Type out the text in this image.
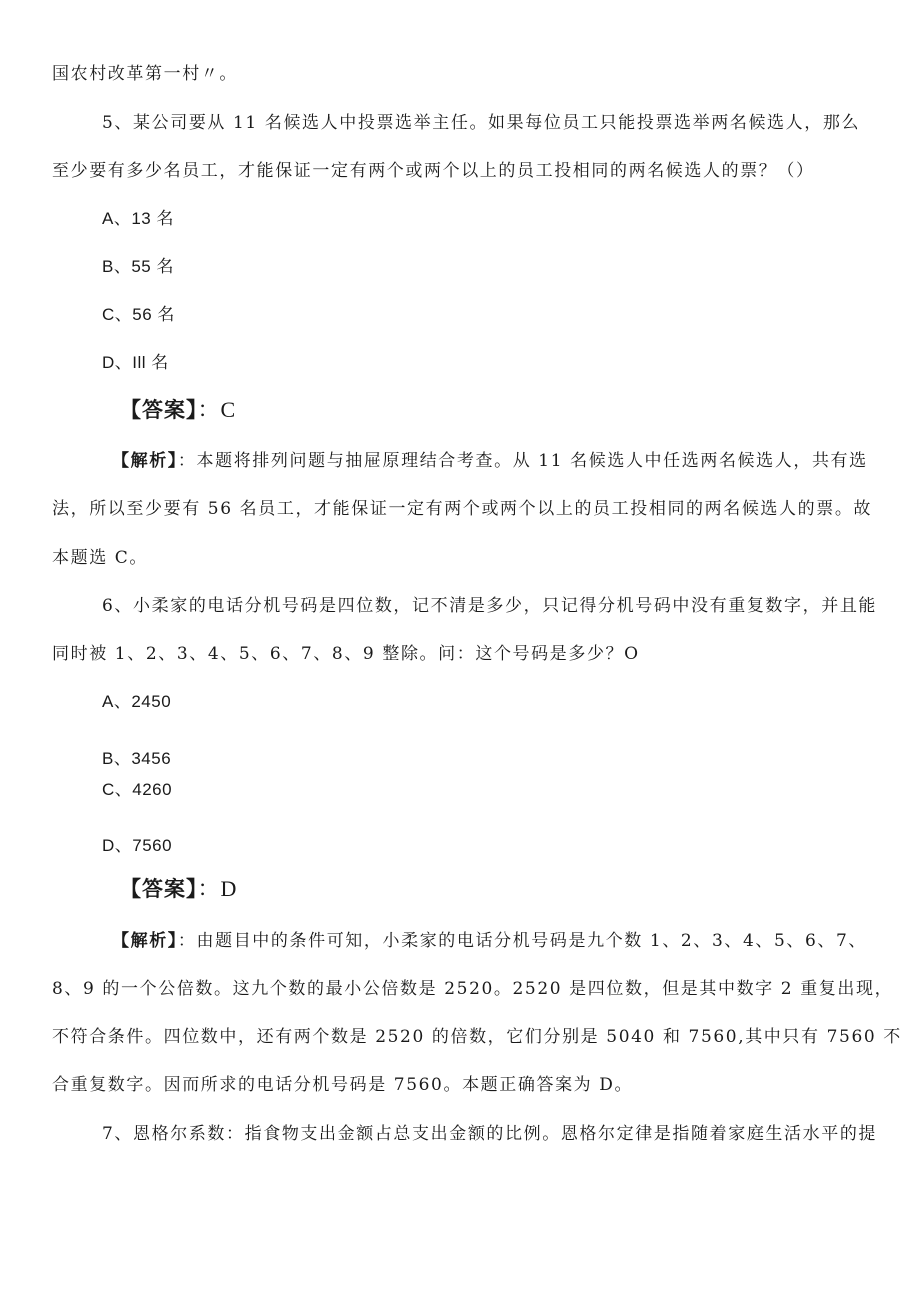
国农村改革第一村〃。
5、某公司要从 11 名候选人中投票选举主任。如果每位员工只能投票选举两名候选人，那么
至少要有多少名员工，才能保证一定有两个或两个以上的员工投相同的两名候选人的票？（）
A、13 名
B、55 名
C、56 名
D、Ill 名
【答案】：C
【解析】：本题将排列问题与抽屉原理结合考查。从 11 名候选人中任选两名候选人，共有选
法，所以至少要有 56 名员工，才能保证一定有两个或两个以上的员工投相同的两名候选人的票。故
本题选 C。
6、小柔家的电话分机号码是四位数，记不清是多少，只记得分机号码中没有重复数字，并且能
同时被 1、2、3、4、5、6、7、8、9 整除。问：这个号码是多少？O
A、2450
B、3456
C、4260
D、7560
【答案】：D
【解析】：由题目中的条件可知，小柔家的电话分机号码是九个数 1、2、3、4、5、6、7、
8、9 的一个公倍数。这九个数的最小公倍数是 2520。2520 是四位数，但是其中数字 2 重复出现，
不符合条件。四位数中，还有两个数是 2520 的倍数，它们分别是 5040 和 7560,其中只有 7560 不
合重复数字。因而所求的电话分机号码是 7560。本题正确答案为 D。
7、恩格尔系数：指食物支出金额占总支出金额的比例。恩格尔定律是指随着家庭生活水平的提
